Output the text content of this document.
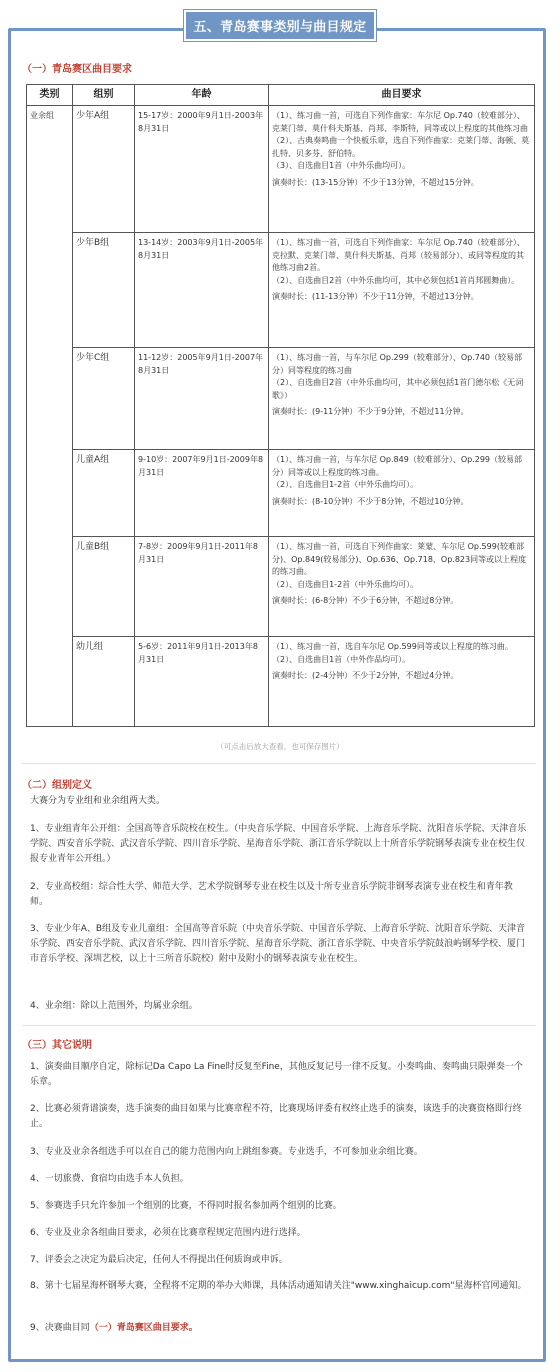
五、青岛赛事类别与曲目规定
（一）青岛赛区曲目要求
类别	组别	年龄	曲目要求
业余组	少年A组	15-17岁：2000年9月1日-2003年8月31日	（1）、练习曲一首，可选自下列作曲家：车尔尼 Op.740（较难部分）、克莱门蒂、莫什科夫斯基、肖邦、李斯特，同等或以上程度的其他练习曲
（2）、古典奏鸣曲一个快板乐章，选自下列作曲家：克莱门蒂、海顿、莫扎特、贝多芬、舒伯特。
（3）、自选曲目1首（中外乐曲均可）。
演奏时长：(13-15分钟）不少于13分钟，不超过15分钟。

	少年B组	13-14岁：2003年9月1日-2005年8月31日	（1）、练习曲一首，可选自下列作曲家：车尔尼 Op.740（较难部分）、克拉默、克莱门蒂、莫什科夫斯基、肖邦（较易部分）、或同等程度的其他练习曲2首。
（2）、自选曲目2首（中外乐曲均可，其中必须包括1首肖邦圆舞曲）。
演奏时长：(11-13分钟）不少于11分钟，不超过13分钟。

	少年C组	11-12岁：2005年9月1日-2007年8月31日	（1）、练习曲一首，与车尔尼 Op.299（较难部分）、Op.740（较易部分）同等程度的练习曲
（2）、自选曲目2首（中外乐曲均可，其中必须包括1首门德尔松《无词歌》）
演奏时长：(9-11分钟）不少于9分钟，不超过11分钟。

	儿童A组	9-10岁：2007年9月1日-2009年8月31日	（1）、练习曲一首，与车尔尼 Op.849（较难部分）、Op.299（较易部分）同等或以上程度的练习曲。
（2）、自选曲目1-2首（中外乐曲均可）。
演奏时长：(8-10分钟）不少于8分钟，不超过10分钟。

	儿童B组	7-8岁：2009年9月1日-2011年8月31日	（1）、练习曲一首，可选自下列作曲家：莱蒙、车尔尼 Op.599(较难部分)、Op.849(较易部分)、Op.636、Op.718、Op.823同等或以上程度的练习曲。
（2）、自选曲目1-2首（中外乐曲均可）。
演奏时长：(6-8分钟）不少于6分钟，不超过8分钟。

	幼儿组	5-6岁：2011年9月1日-2013年8月31日	（1）、练习曲一首，选自车尔尼 Op.599同等或以上程度的练习曲。
（2）、自选曲目1首（中外作品均可）。
演奏时长：(2-4分钟）不少于2分钟，不超过4分钟。
（可点击后放大查看，也可保存图片）
（二）组别定义
大赛分为专业组和业余组两大类。
1、专业组青年公开组：全国高等音乐院校在校生。（中央音乐学院、中国音乐学院、上海音乐学院、沈阳音乐学院、天津音乐学院、西安音乐学院、武汉音乐学院、四川音乐学院、星海音乐学院、浙江音乐学院以上十所音乐学院钢琴表演专业在校生仅报专业青年公开组。）
2、专业高校组：综合性大学、师范大学、艺术学院钢琴专业在校生以及十所专业音乐学院非钢琴表演专业在校生和青年教师。
3、专业少年A、B组及专业儿童组：全国高等音乐院（中央音乐学院、中国音乐学院、上海音乐学院、沈阳音乐学院、天津音乐学院、西安音乐学院、武汉音乐学院、四川音乐学院、星海音乐学院、浙江音乐学院、中央音乐学院鼓浪屿钢琴学校、厦门市音乐学校、深圳艺校，以上十三所音乐院校）附中及附小的钢琴表演专业在校生。
4、业余组：除以上范围外，均属业余组。
（三）其它说明
1、演奏曲目顺序自定，除标记Da Capo La Fine时反复至Fine，其他反复记号一律不反复。小奏鸣曲、奏鸣曲只限弹奏一个乐章。
2、比赛必须背谱演奏，选手演奏的曲目如果与比赛章程不符，比赛现场评委有权终止选手的演奏，该选手的决赛资格即行终止。
3、专业及业余各组选手可以在自己的能力范围内向上跳组参赛。专业选手，不可参加业余组比赛。
4、一切旅费、食宿均由选手本人负担。
5、参赛选手只允许参加一个组别的比赛，不得同时报名参加两个组别的比赛。
6、专业及业余各组曲目要求，必须在比赛章程规定范围内进行选择。
7、评委会之决定为最后决定，任何人不得提出任何质询或申诉。
8、第十七届星海杯钢琴大赛，全程将不定期的举办大师课，具体活动通知请关注"www.xinghaicup.com"星海杯官网通知。
9、决赛曲目同（一）青岛赛区曲目要求。
